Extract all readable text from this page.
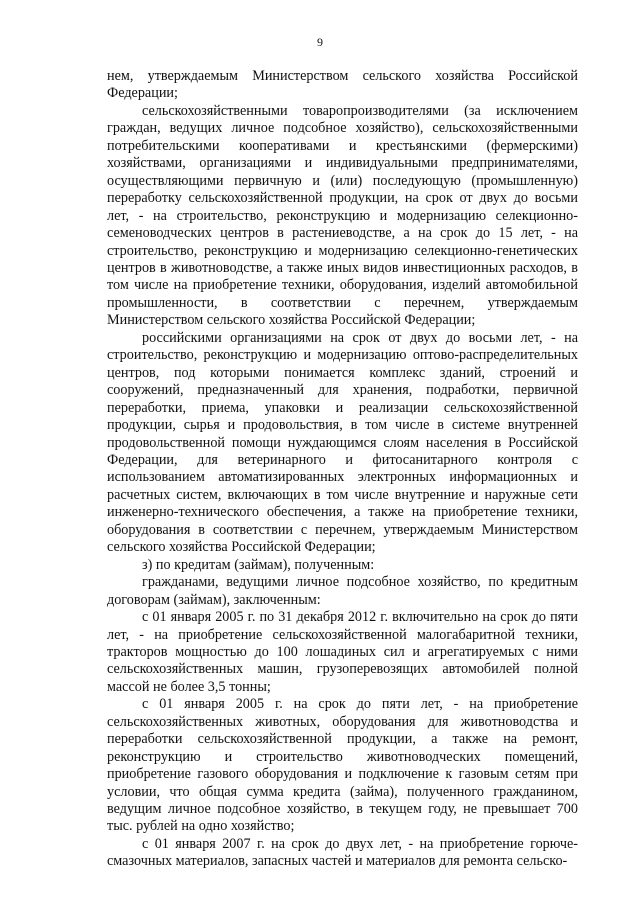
9

нем, утверждаемым Министерством сельского хозяйства Российской Федерации;

сельскохозяйственными товаропроизводителями (за исключением граждан, ведущих личное подсобное хозяйство), сельскохозяйственными потребительскими кооперативами и крестьянскими (фермерскими) хозяйствами, организациями и индивидуальными предпринимателями, осуществляющими первичную и (или) последующую (промышленную) переработку сельскохозяйственной продукции, на срок от двух до восьми лет, - на строительство, реконструкцию и модернизацию селекционно-семеноводческих центров в растениеводстве, а на срок до 15 лет, - на строительство, реконструкцию и модернизацию селекционно-генетических центров в животноводстве, а также иных видов инвестиционных расходов, в том числе на приобретение техники, оборудования, изделий автомобильной промышленности, в соответствии с перечнем, утверждаемым Министерством сельского хозяйства Российской Федерации;

российскими организациями на срок от двух до восьми лет, - на строительство, реконструкцию и модернизацию оптово-распределительных центров, под которыми понимается комплекс зданий, строений и сооружений, предназначенный для хранения, подработки, первичной переработки, приема, упаковки и реализации сельскохозяйственной продукции, сырья и продовольствия, в том числе в системе внутренней продовольственной помощи нуждающимся слоям населения в Российской Федерации, для ветеринарного и фитосанитарного контроля с использованием автоматизированных электронных информационных и расчетных систем, включающих в том числе внутренние и наружные сети инженерно-технического обеспечения, а также на приобретение техники, оборудования в соответствии с перечнем, утверждаемым Министерством сельского хозяйства Российской Федерации;

з) по кредитам (займам), полученным:

гражданами, ведущими личное подсобное хозяйство, по кредитным договорам (займам), заключенным:

с 01 января 2005 г. по 31 декабря 2012 г. включительно на срок до пяти лет, - на приобретение сельскохозяйственной малогабаритной техники, тракторов мощностью до 100 лошадиных сил и агрегатируемых с ними сельскохозяйственных машин, грузоперевозящих автомобилей полной массой не более 3,5 тонны;

с 01 января 2005 г. на срок до пяти лет, - на приобретение сельскохозяйственных животных, оборудования для животноводства и переработки сельскохозяйственной продукции, а также на ремонт, реконструкцию и строительство животноводческих помещений, приобретение газового оборудования и подключение к газовым сетям при условии, что общая сумма кредита (займа), полученного гражданином, ведущим личное подсобное хозяйство, в текущем году, не превышает 700 тыс. рублей на одно хозяйство;

с 01 января 2007 г. на срок до двух лет, - на приобретение горюче-смазочных материалов, запасных частей и материалов для ремонта сельско-
